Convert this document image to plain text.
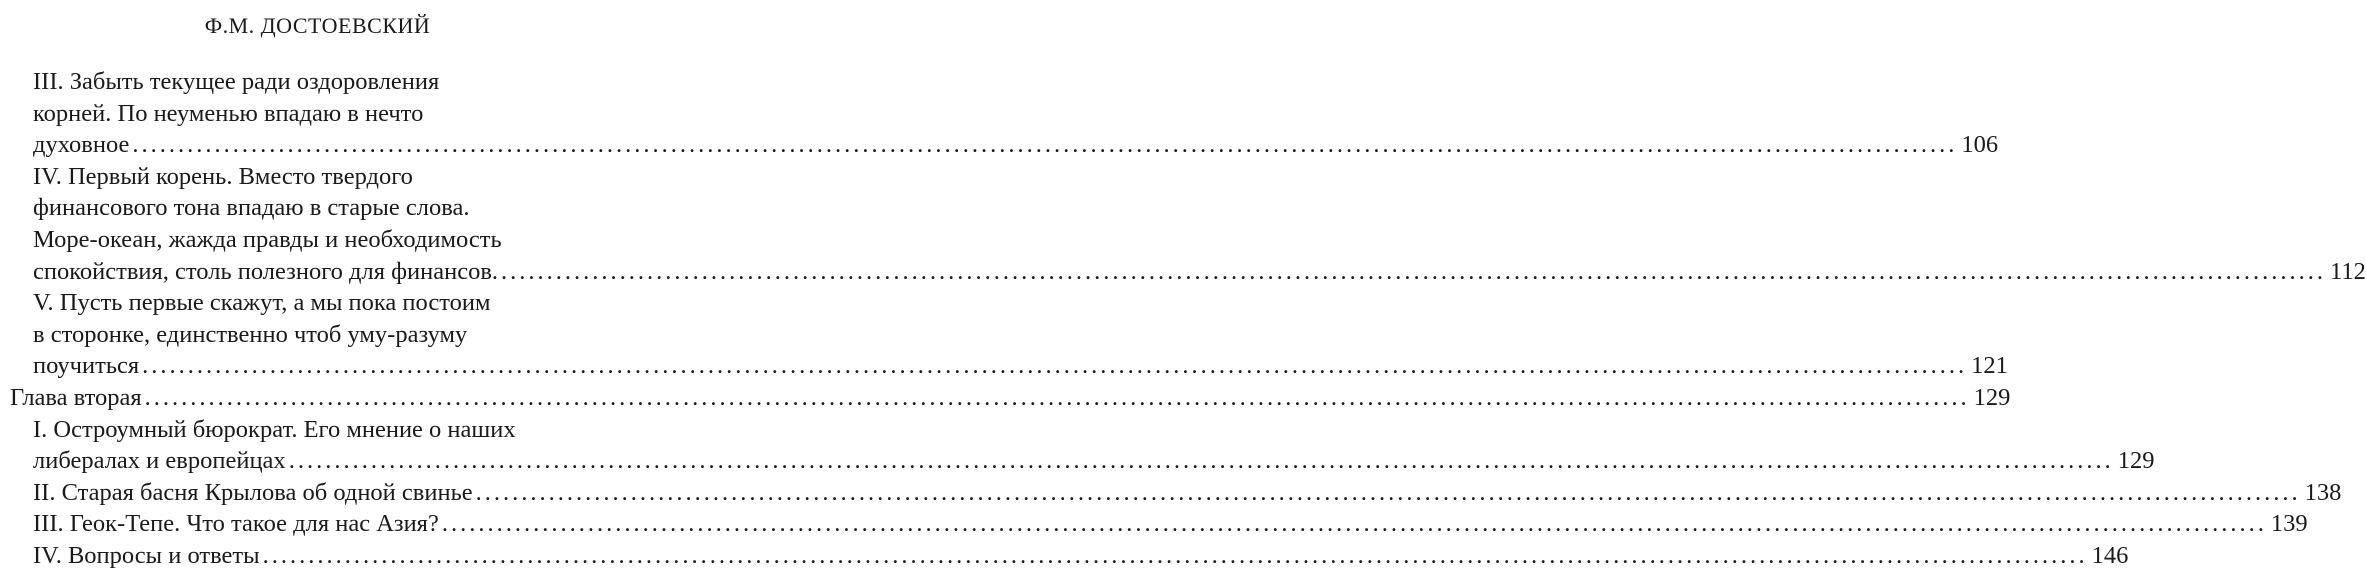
Ф.М. ДОСТОЕВСКИЙ
III. Забыть текущее ради оздоровления
корней. По неуменью впадаю в нечто
духовное ........................................................................................................................................................................................................ 106
IV. Первый корень. Вместо твердого
финансового тона впадаю в старые слова.
Море-океан, жажда правды и необходимость
спокойствия, столь полезного для финансов. ........................................................................................................................................................................................................ 112
V. Пусть первые скажут, а мы пока постоим
в сторонке, единственно чтоб уму-разуму
поучиться ........................................................................................................................................................................................................ 121
Глава вторая ........................................................................................................................................................................................................ 129
I. Остроумный бюрократ. Его мнение о наших
либералах и европейцах ........................................................................................................................................................................................................ 129
II. Старая басня Крылова об одной свинье ........................................................................................................................................................................................................ 138
III. Геок-Тепе. Что такое для нас Азия? ........................................................................................................................................................................................................ 139
IV. Вопросы и ответы ........................................................................................................................................................................................................ 146
